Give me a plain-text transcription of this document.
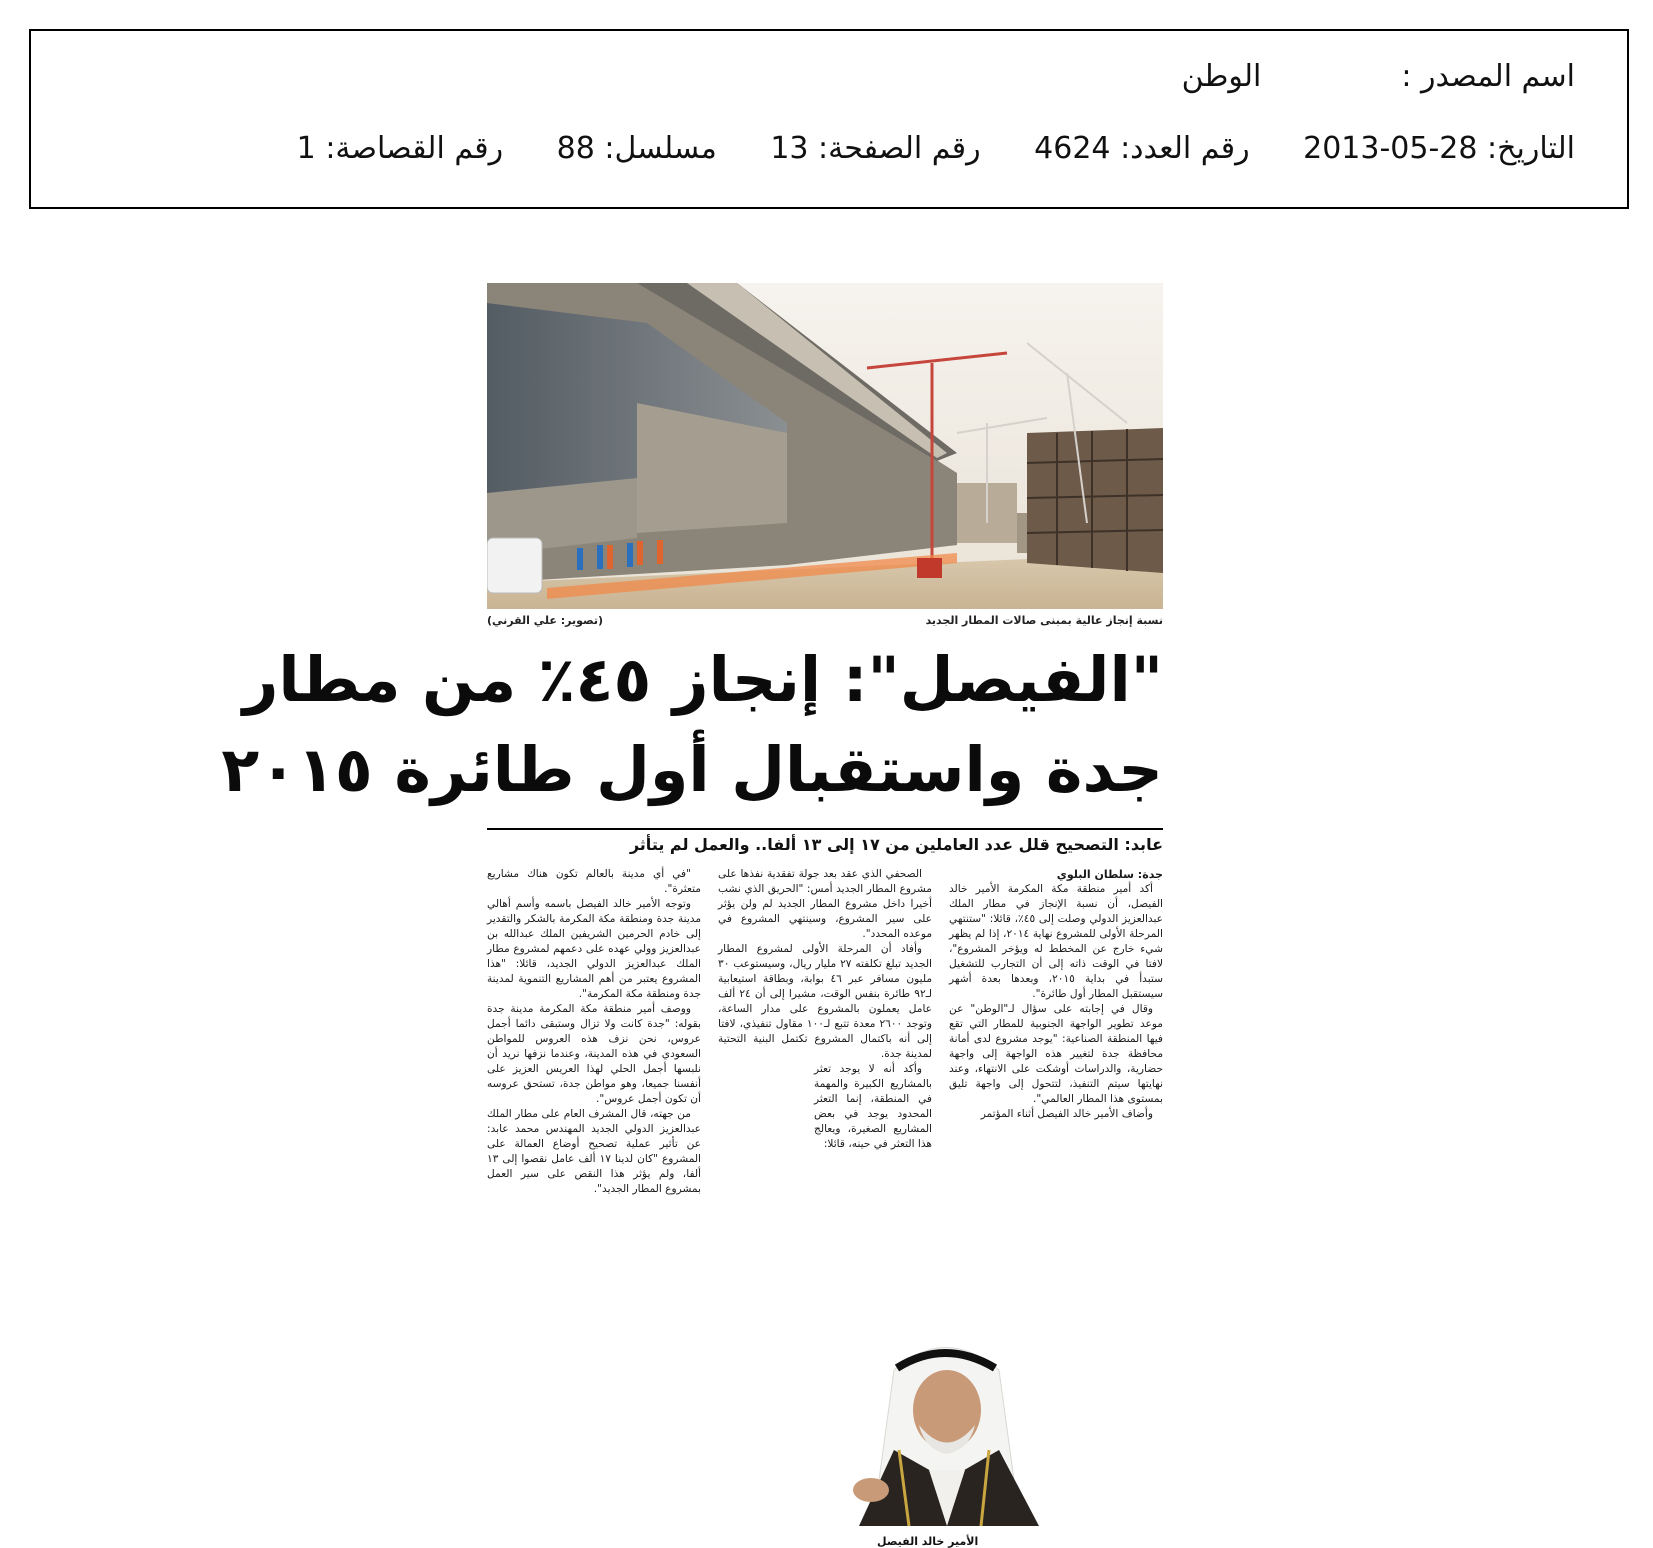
اسم المصدر :الوطن
التاريخ: 2013-05-28 رقم العدد: 4624 رقم الصفحة: 13 مسلسل: 88 رقم القصاصة: 1
نسبة إنجاز عالية بمبنى صالات المطار الجديد
(تصوير: علي القرني)
"الفيصل": إنجاز ٤٥٪ من مطار
جدة واستقبال أول طائرة ٢٠١٥
عابد: التصحيح قلل عدد العاملين من ١٧ إلى ١٣ ألفا.. والعمل لم يتأثر

جدة: سلطان البلوي

أكد أمير منطقة مكة المكرمة الأمير خالد الفيصل، أن نسبة الإنجاز في مطار الملك عبدالعزيز الدولي وصلت إلى ٤٥٪، قائلا: "ستنتهي المرحلة الأولى للمشروع نهاية ٢٠١٤، إذا لم يظهر شيء خارج عن المخطط له ويؤخر المشروع"، لافتا في الوقت ذاته إلى أن التجارب للتشغيل ستبدأ في بداية ٢٠١٥، وبعدها بعدة أشهر سيستقبل المطار أول طائرة".

وقال في إجابته على سؤال لـ"الوطن" عن موعد تطوير الواجهة الجنوبية للمطار التي تقع فيها المنطقة الصناعية: "يوجد مشروع لدى أمانة محافظة جدة لتغيير هذه الواجهة إلى واجهة حضارية، والدراسات أوشكت على الانتهاء، وعند نهايتها سيتم التنفيذ، لتتحول إلى واجهة تليق بمستوى هذا المطار العالمي".

وأضاف الأمير خالد الفيصل أثناء المؤتمر

الصحفي الذي عقد بعد جولة تفقدية نفذها على مشروع المطار الجديد أمس: "الحريق الذي نشب أخيرا داخل مشروع المطار الجديد لم ولن يؤثر على سير المشروع، وسينتهي المشروع في موعده المحدد".

وأفاد أن المرحلة الأولى لمشروع المطار الجديد تبلغ تكلفته ٢٧ مليار ريال، وسيستوعب ٣٠ مليون مسافر عبر ٤٦ بوابة، وبطاقة استيعابية لـ٩٢ طائرة بنفس الوقت، مشيرا إلى أن ٢٤ ألف عامل يعملون بالمشروع على مدار الساعة، وتوجد ٢٦٠٠ معدة تتبع لـ١٠٠ مقاول تنفيذي، لافتا إلى أنه باكتمال المشروع تكتمل البنية التحتية لمدينة جدة.

وأكد أنه لا يوجد تعثر بالمشاريع الكبيرة والمهمة في المنطقة، إنما التعثر المحدود يوجد في بعض المشاريع الصغيرة، ويعالج هذا التعثر في حينه، قائلا:

"في أي مدينة بالعالم تكون هناك مشاريع متعثرة".

وتوجه الأمير خالد الفيصل باسمه وأسم أهالي مدينة جدة ومنطقة مكة المكرمة بالشكر والتقدير إلى خادم الحرمين الشريفين الملك عبدالله بن عبدالعزيز وولي عهده على دعمهم لمشروع مطار الملك عبدالعزيز الدولي الجديد، قائلا: "هذا المشروع يعتبر من أهم المشاريع التنموية لمدينة جدة ومنطقة مكة المكرمة".

ووصف أمير منطقة مكة المكرمة مدينة جدة بقوله: "جدة كانت ولا تزال وستبقى دائما أجمل عروس، نحن نزف هذه العروس للمواطن السعودي في هذه المدينة، وعندما نزفها نريد أن نلبسها أجمل الحلي لهذا العريس العزيز على أنفسنا جميعا، وهو مواطن جدة، تستحق عروسه أن تكون أجمل عروس".

من جهته، قال المشرف العام على مطار الملك عبدالعزيز الدولي الجديد المهندس محمد عابد: عن تأثير عملية تصحيح أوضاع العمالة على المشروع "كان لدينا ١٧ ألف عامل نقصوا إلى ١٣ ألفا، ولم يؤثر هذا النقص على سير العمل بمشروع المطار الجديد".

الأمير خالد الفيصل
